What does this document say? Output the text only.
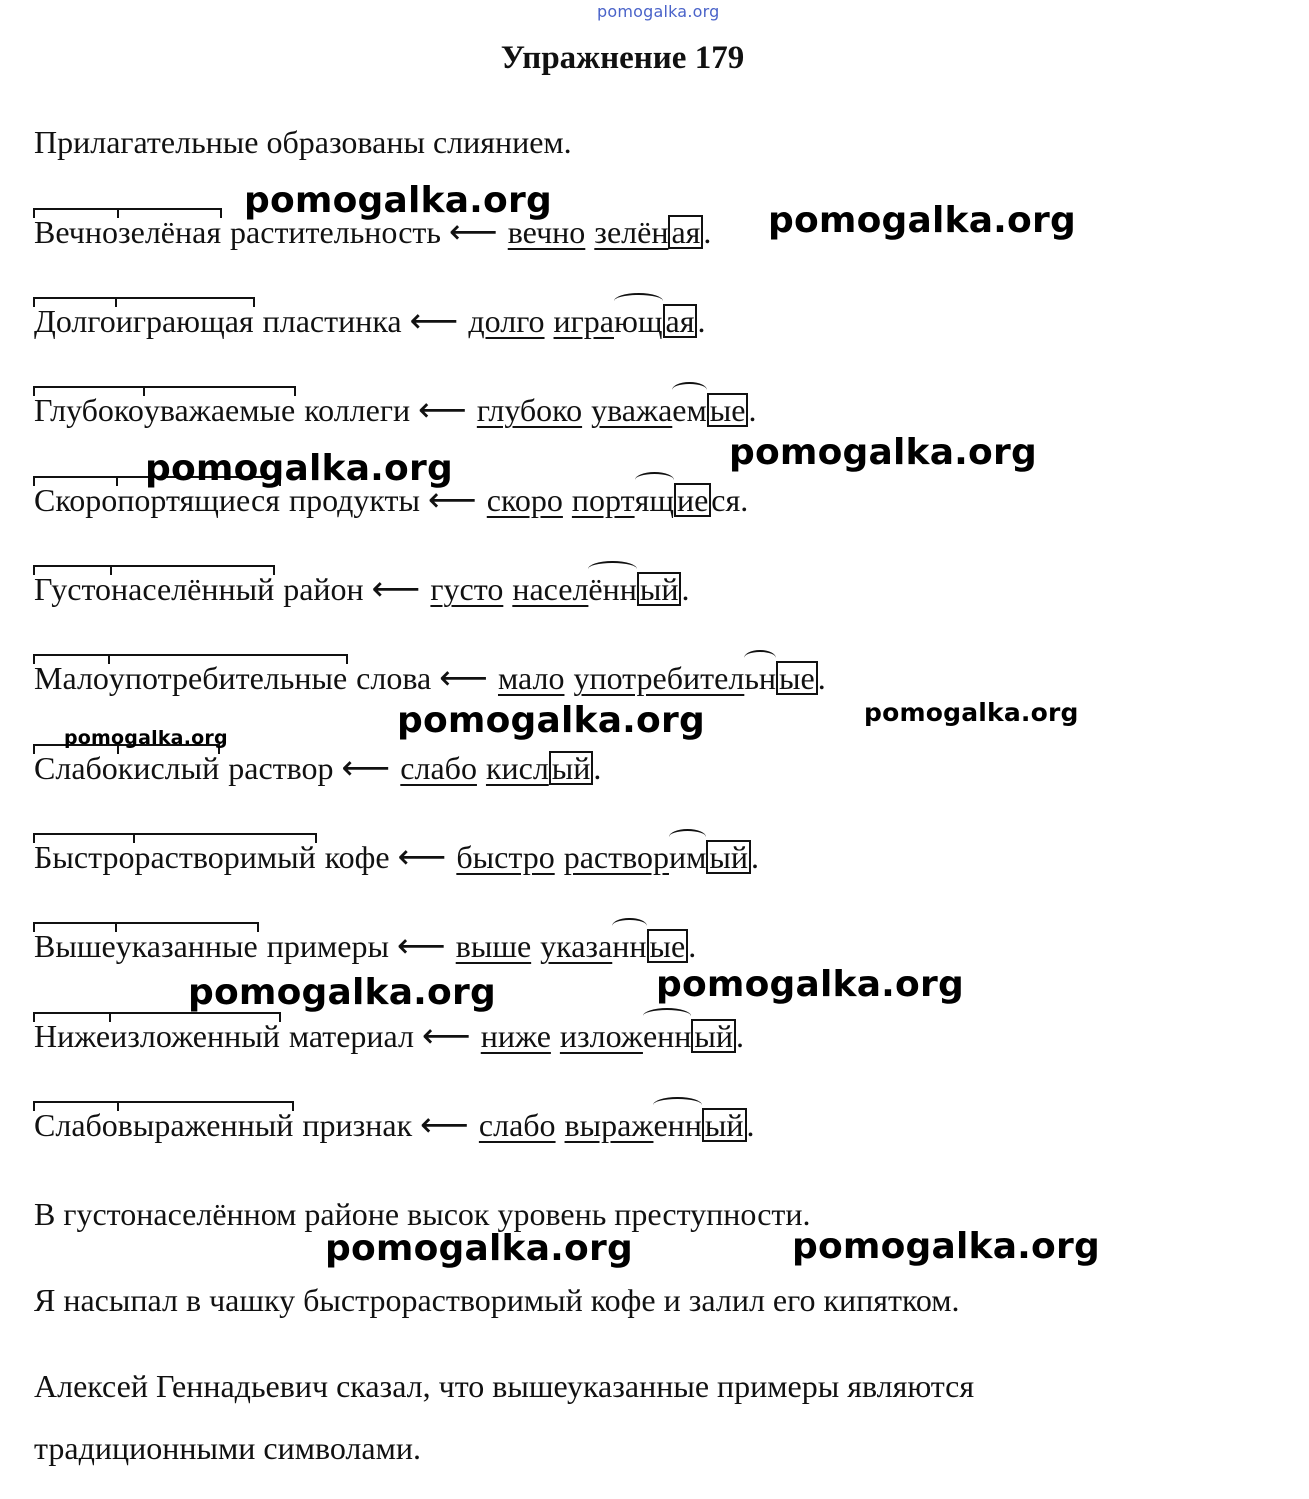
pomogalka.org
Упражнение 179
Прилагательные образованы слиянием.
Вечно зелёная растительность ⟵ вечно зелён ая .
Долго играющая пластинка ⟵ долго игра ющ ая .
Глубоко уважаемые коллеги ⟵ глубоко уважа ем ые .
Скоро портящиеся продукты ⟵ скоро порт ящ ие ся.
Густо населённый район ⟵ густо насел ённ ый .
Мало употребительные слова ⟵ мало употребител ьн ые .
Слабо кислый раствор ⟵ слабо кисл ый .
Быстро растворимый кофе ⟵ быстро раствор им ый .
Выше указанные примеры ⟵ выше указа нн ые .
Ниже изложенный материал ⟵ ниже излож енн ый .
Слабо выраженный признак ⟵ слабо выраж енн ый .
В густонаселённом районе высок уровень преступности.
Я насыпал в чашку быстрорастворимый кофе и залил его кипятком.
Алексей Геннадьевич сказал, что вышеуказанные примеры являются
традиционными символами.
pomogalka.org	pomogalka.org
pomogalka.org
pomogalka.org
pomogalka.org	pomogalka.org
pomogalka.org
pomogalka.org
pomogalka.org
pomogalka.org
pomogalka.org
